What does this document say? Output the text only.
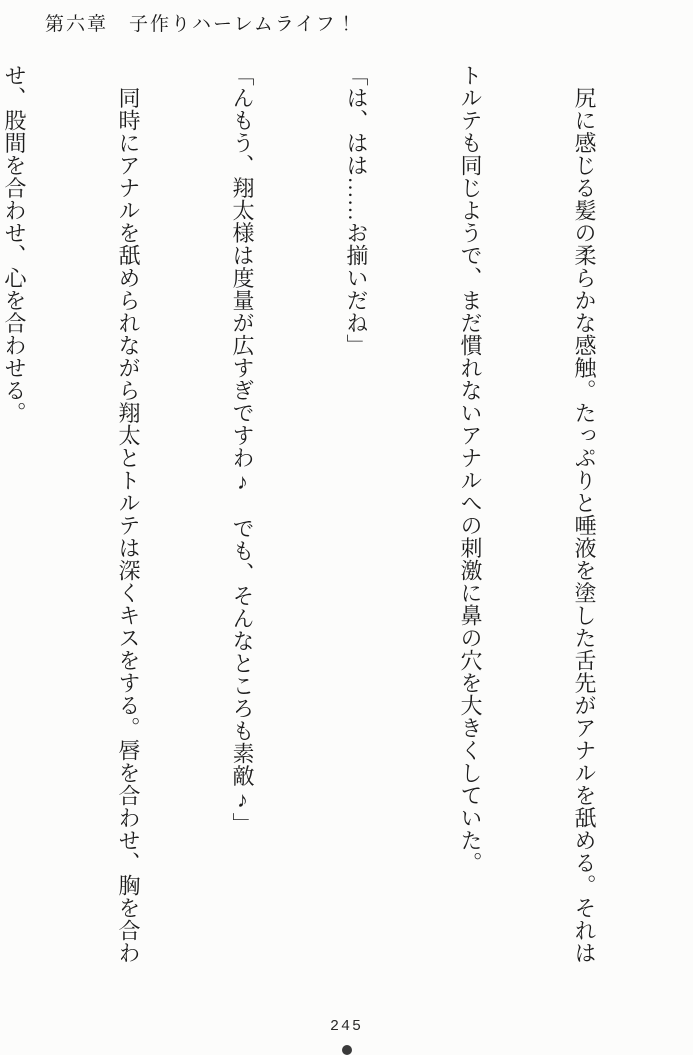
第六章　子作りハーレムライフ！

　尻に感じる髪の柔らかな感触。たっぷりと唾液を塗した舌先がアナルを舐める。それは

トルテも同じようで、まだ慣れないアナルへの刺激に鼻の穴を大きくしていた。

「は、はは……お揃いだね」

「んもう、翔太様は度量が広すぎですわ♪　でも、そんなところも素敵♪」

　同時にアナルを舐められながら翔太とトルテは深くキスをする。唇を合わせ、胸を合わ

せ、股間を合わせ、心を合わせる。

245
